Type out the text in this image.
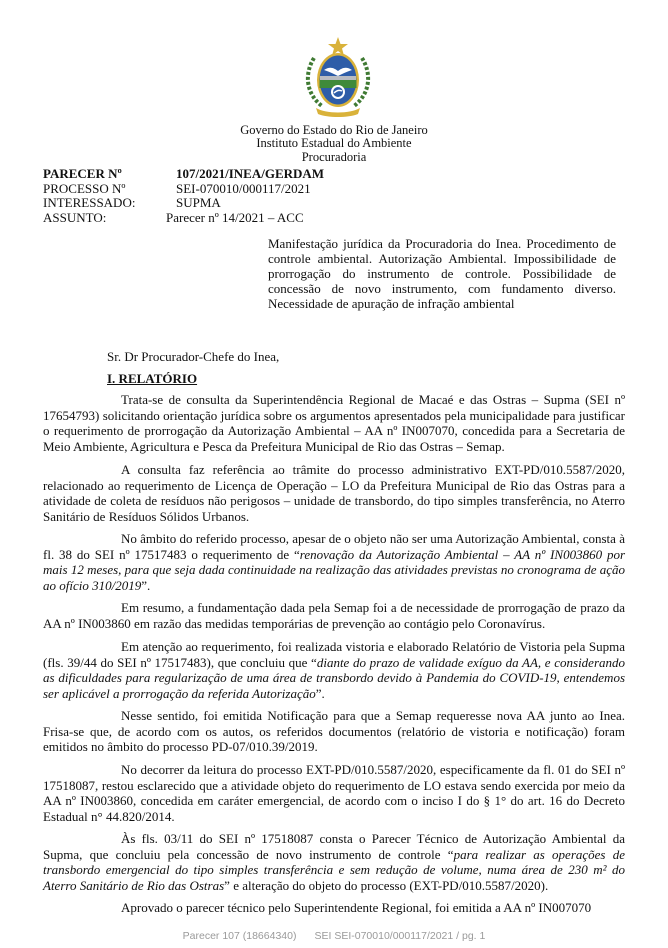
Governo do Estado do Rio de Janeiro
Instituto Estadual do Ambiente
Procuradoria
PARECER Nº	107/2021/INEA/GERDAM
PROCESSO Nº	SEI-070010/000117/2021
INTERESSADO:	SUPMA
ASSUNTO:	Parecer nº 14/2021 – ACC
Manifestação jurídica da Procuradoria do Inea. Procedimento de controle ambiental. Autorização Ambiental. Impossibilidade de prorrogação do instrumento de controle. Possibilidade de concessão de novo instrumento, com fundamento diverso. Necessidade de apuração de infração ambiental
Sr. Dr Procurador-Chefe do Inea,
I. RELATÓRIO

Trata-se de consulta da Superintendência Regional de Macaé e das Ostras – Supma (SEI nº 17654793) solicitando orientação jurídica sobre os argumentos apresentados pela municipalidade para justificar o requerimento de prorrogação da Autorização Ambiental – AA nº IN007070, concedida para a Secretaria de Meio Ambiente, Agricultura e Pesca da Prefeitura Municipal de Rio das Ostras – Semap.

A consulta faz referência ao trâmite do processo administrativo EXT-PD/010.5587/2020, relacionado ao requerimento de Licença de Operação – LO da Prefeitura Municipal de Rio das Ostras para a atividade de coleta de resíduos não perigosos – unidade de transbordo, do tipo simples transferência, no Aterro Sanitário de Resíduos Sólidos Urbanos.

No âmbito do referido processo, apesar de o objeto não ser uma Autorização Ambiental, consta à fl. 38 do SEI nº 17517483 o requerimento de “renovação da Autorização Ambiental – AA nº IN003860 por mais 12 meses, para que seja dada continuidade na realização das atividades previstas no cronograma de ação ao ofício 310/2019”.

Em resumo, a fundamentação dada pela Semap foi a de necessidade de prorrogação de prazo da AA nº IN003860 em razão das medidas temporárias de prevenção ao contágio pelo Coronavírus.

Em atenção ao requerimento, foi realizada vistoria e elaborado Relatório de Vistoria pela Supma (fls. 39/44 do SEI nº 17517483), que concluiu que “diante do prazo de validade exíguo da AA, e considerando as dificuldades para regularização de uma área de transbordo devido à Pandemia do COVID-19, entendemos ser aplicável a prorrogação da referida Autorização”.

Nesse sentido, foi emitida Notificação para que a Semap requeresse nova AA junto ao Inea. Frisa-se que, de acordo com os autos, os referidos documentos (relatório de vistoria e notificação) foram emitidos no âmbito do processo PD-07/010.39/2019.

No decorrer da leitura do processo EXT-PD/010.5587/2020, especificamente da fl. 01 do SEI nº 17518087, restou esclarecido que a atividade objeto do requerimento de LO estava sendo exercida por meio da AA nº IN003860, concedida em caráter emergencial, de acordo com o inciso I do § 1° do art. 16 do Decreto Estadual n° 44.820/2014.

Às fls. 03/11 do SEI nº 17518087 consta o Parecer Técnico de Autorização Ambiental da Supma, que concluiu pela concessão de novo instrumento de controle “para realizar as operações de transbordo emergencial do tipo simples transferência e sem redução de volume, numa área de 230 m² do Aterro Sanitário de Rio das Ostras” e alteração do objeto do processo (EXT-PD/010.5587/2020).

Aprovado o parecer técnico pelo Superintendente Regional, foi emitida a AA nº IN007070

Parecer 107 (18664340) SEI SEI-070010/000117/2021 / pg. 1
